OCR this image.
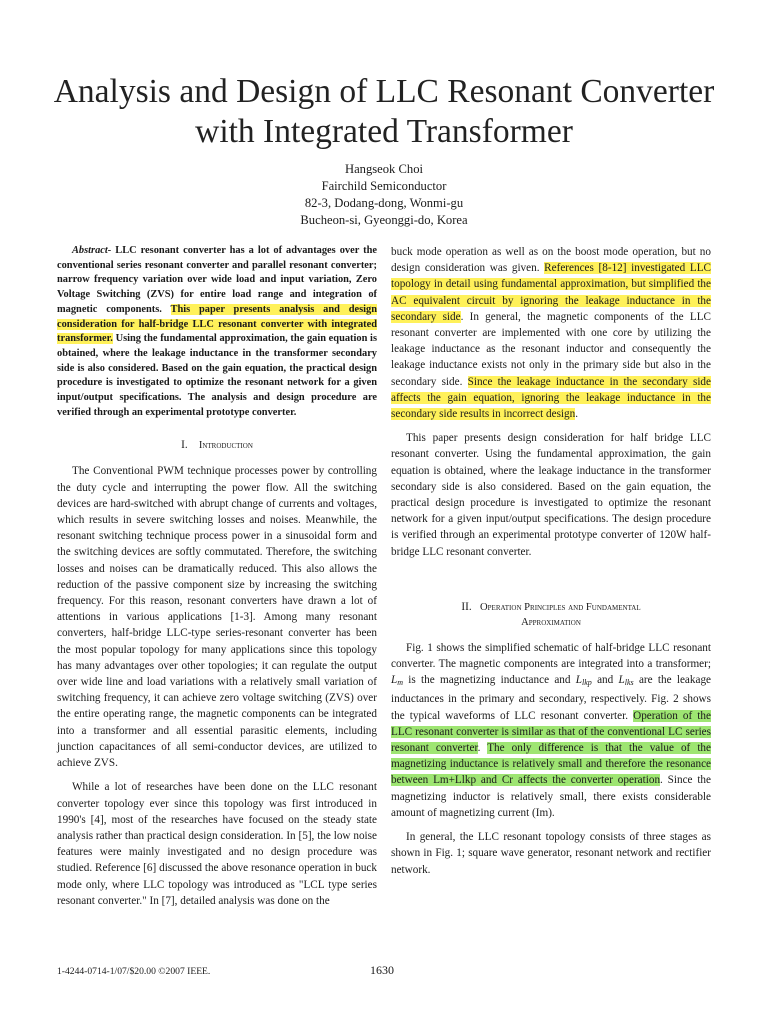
Analysis and Design of LLC Resonant Converter
with Integrated Transformer
Hangseok Choi
Fairchild Semiconductor
82-3, Dodang-dong, Wonmi-gu
Bucheon-si, Gyeonggi-do, Korea

Abstract- LLC resonant converter has a lot of advantages over the conventional series resonant converter and parallel resonant converter; narrow frequency variation over wide load and input variation, Zero Voltage Switching (ZVS) for entire load range and integration of magnetic components. This paper presents analysis and design consideration for half-bridge LLC resonant converter with integrated transformer. Using the fundamental approximation, the gain equation is obtained, where the leakage inductance in the transformer secondary side is also considered. Based on the gain equation, the practical design procedure is investigated to optimize the resonant network for a given input/output specifications. The analysis and design procedure are verified through an experimental prototype converter.

I. Introduction

The Conventional PWM technique processes power by controlling the duty cycle and interrupting the power flow. All the switching devices are hard-switched with abrupt change of currents and voltages, which results in severe switching losses and noises. Meanwhile, the resonant switching technique process power in a sinusoidal form and the switching devices are softly commutated. Therefore, the switching losses and noises can be dramatically reduced. This also allows the reduction of the passive component size by increasing the switching frequency. For this reason, resonant converters have drawn a lot of attentions in various applications [1-3]. Among many resonant converters, half-bridge LLC-type series-resonant converter has been the most popular topology for many applications since this topology has many advantages over other topologies; it can regulate the output over wide line and load variations with a relatively small variation of switching frequency, it can achieve zero voltage switching (ZVS) over the entire operating range, the magnetic components can be integrated into a transformer and all essential parasitic elements, including junction capacitances of all semi-conductor devices, are utilized to achieve ZVS.

While a lot of researches have been done on the LLC resonant converter topology ever since this topology was first introduced in 1990's [4], most of the researches have focused on the steady state analysis rather than practical design consideration. In [5], the low noise features were mainly investigated and no design procedure was studied. Reference [6] discussed the above resonance operation in buck mode only, where LLC topology was introduced as "LCL type series resonant converter." In [7], detailed analysis was done on the

buck mode operation as well as on the boost mode operation, but no design consideration was given. References [8-12] investigated LLC topology in detail using fundamental approximation, but simplified the AC equivalent circuit by ignoring the leakage inductance in the secondary side. In general, the magnetic components of the LLC resonant converter are implemented with one core by utilizing the leakage inductance as the resonant inductor and consequently the leakage inductance exists not only in the primary side but also in the secondary side. Since the leakage inductance in the secondary side affects the gain equation, ignoring the leakage inductance in the secondary side results in incorrect design.

This paper presents design consideration for half bridge LLC resonant converter. Using the fundamental approximation, the gain equation is obtained, where the leakage inductance in the transformer secondary side is also considered. Based on the gain equation, the practical design procedure is investigated to optimize the resonant network for a given input/output specifications. The design procedure is verified through an experimental prototype converter of 120W half-bridge LLC resonant converter.

II. Operation Principles and Fundamental
Approximation

Fig. 1 shows the simplified schematic of half-bridge LLC resonant converter. The magnetic components are integrated into a transformer; $L_m$ is the magnetizing inductance and $L_{lkp}$ and $L_{lks}$ are the leakage inductances in the primary and secondary, respectively. Fig. 2 shows the typical waveforms of LLC resonant converter. Operation of the LLC resonant converter is similar as that of the conventional LC series resonant converter. The only difference is that the value of the magnetizing inductance is relatively small and therefore the resonance between Lm+Llkp and Cr affects the converter operation. Since the magnetizing inductor is relatively small, there exists considerable amount of magnetizing current (Im).

In general, the LLC resonant topology consists of three stages as shown in Fig. 1; square wave generator, resonant network and rectifier network.

1-4244-0714-1/07/$20.00 ©2007 IEEE.	1630
